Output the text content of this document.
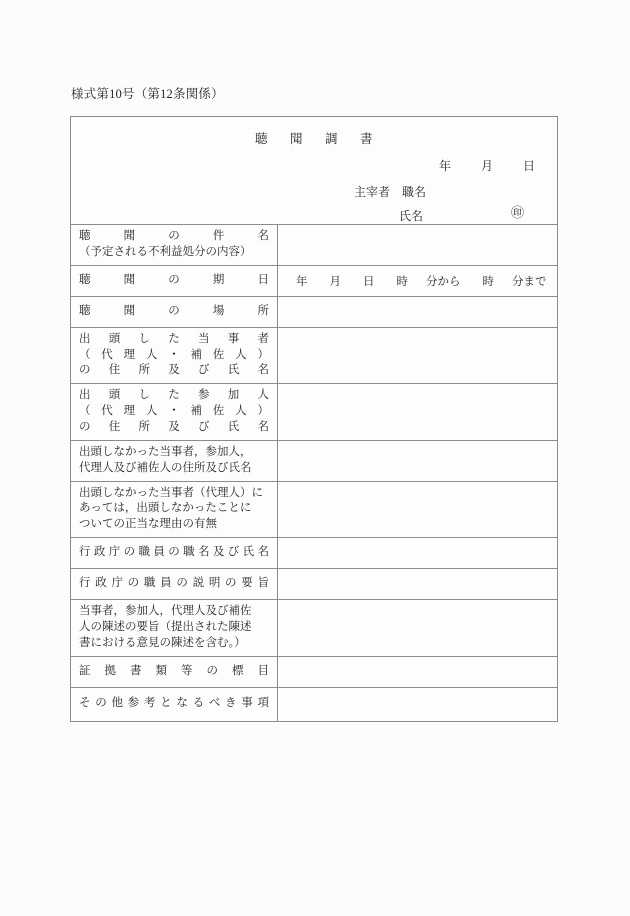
様式第10号（第12条関係）
聴 聞 調 書
年 月 日
主宰者 職名
氏名 ㊞	

聴聞の件名
（予定される不利益処分の内容）	

聴聞の期日	年 月 日 時 分から 時 分まで

聴聞の場所	

出頭した当事者
（代理人・補佐人）
の住所及び氏名	

出頭した参加人
（代理人・補佐人）
の住所及び氏名	

出頭しなかった当事者，参加人，
代理人及び補佐人の住所及び氏名	

出頭しなかった当事者（代理人）に
あっては，出頭しなかったことに
ついての正当な理由の有無	

行政庁の職員の職名及び氏名	

行政庁の職員の説明の要旨	

当事者，参加人，代理人及び補佐
人の陳述の要旨（提出された陳述
書における意見の陳述を含む。）	

証拠書類等の標目	

その他参考となるべき事項	
